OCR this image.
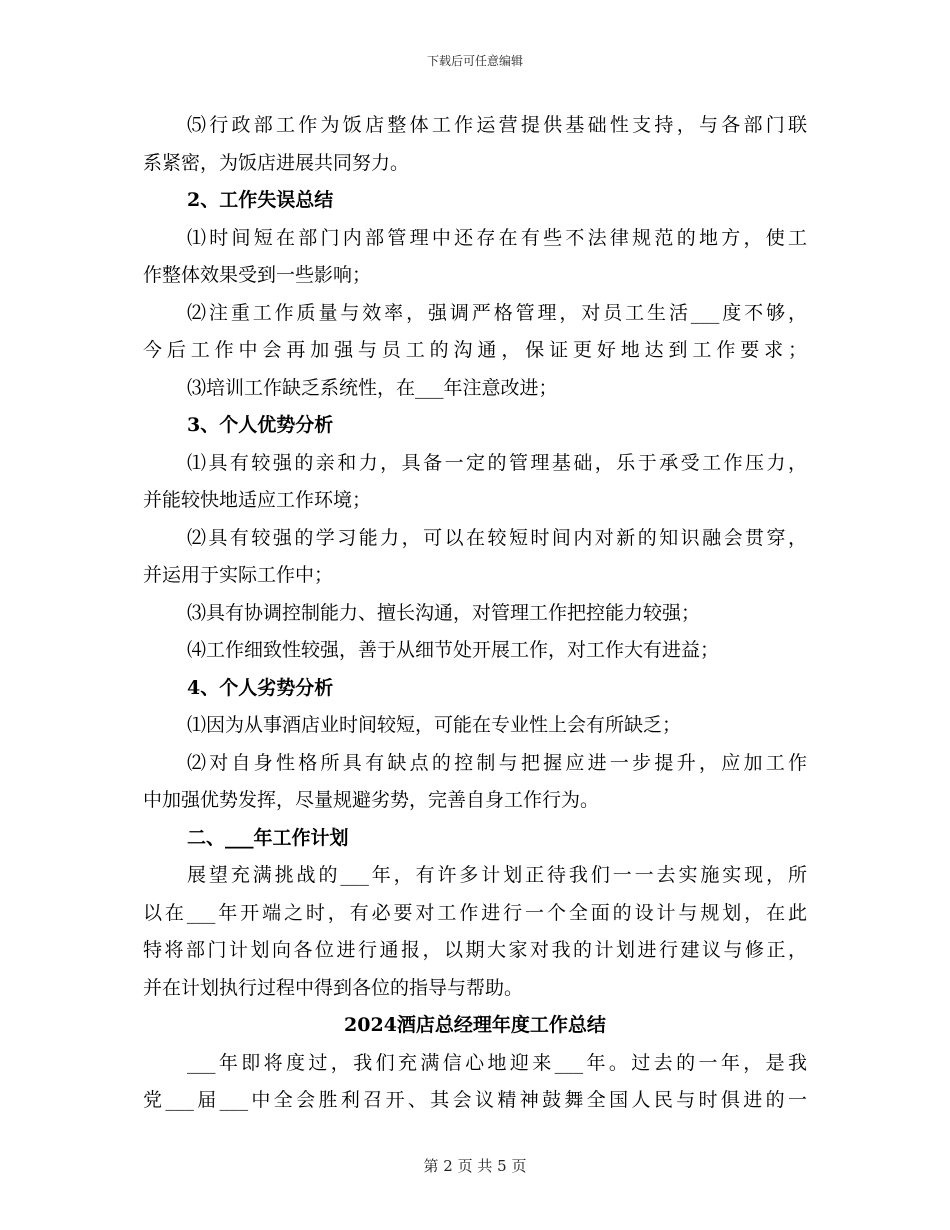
下载后可任意编辑
⑸行政部工作为饭店整体工作运营提供基础性支持，与各部门联
系紧密，为饭店进展共同努力。
2、工作失误总结
⑴时间短在部门内部管理中还存在有些不法律规范的地方，使工
作整体效果受到一些影响；
⑵注重工作质量与效率，强调严格管理，对员工生活___度不够，
今后工作中会再加强与员工的沟通，保证更好地达到工作要求；
⑶培训工作缺乏系统性，在___年注意改进；
3、个人优势分析
⑴具有较强的亲和力，具备一定的管理基础，乐于承受工作压力，
并能较快地适应工作环境；
⑵具有较强的学习能力，可以在较短时间内对新的知识融会贯穿，
并运用于实际工作中；
⑶具有协调控制能力、擅长沟通，对管理工作把控能力较强；
⑷工作细致性较强，善于从细节处开展工作，对工作大有进益；
4、个人劣势分析
⑴因为从事酒店业时间较短，可能在专业性上会有所缺乏；
⑵对自身性格所具有缺点的控制与把握应进一步提升，应加工作
中加强优势发挥，尽量规避劣势，完善自身工作行为。
二、___年工作计划
展望充满挑战的___年，有许多计划正待我们一一去实施实现，所
以在___年开端之时，有必要对工作进行一个全面的设计与规划，在此
特将部门计划向各位进行通报，以期大家对我的计划进行建议与修正，
并在计划执行过程中得到各位的指导与帮助。
2024酒店总经理年度工作总结
___年即将度过，我们充满信心地迎来___年。过去的一年，是我
党___届___中全会胜利召开、其会议精神鼓舞全国人民与时俱进的一
第 2 页 共 5 页
